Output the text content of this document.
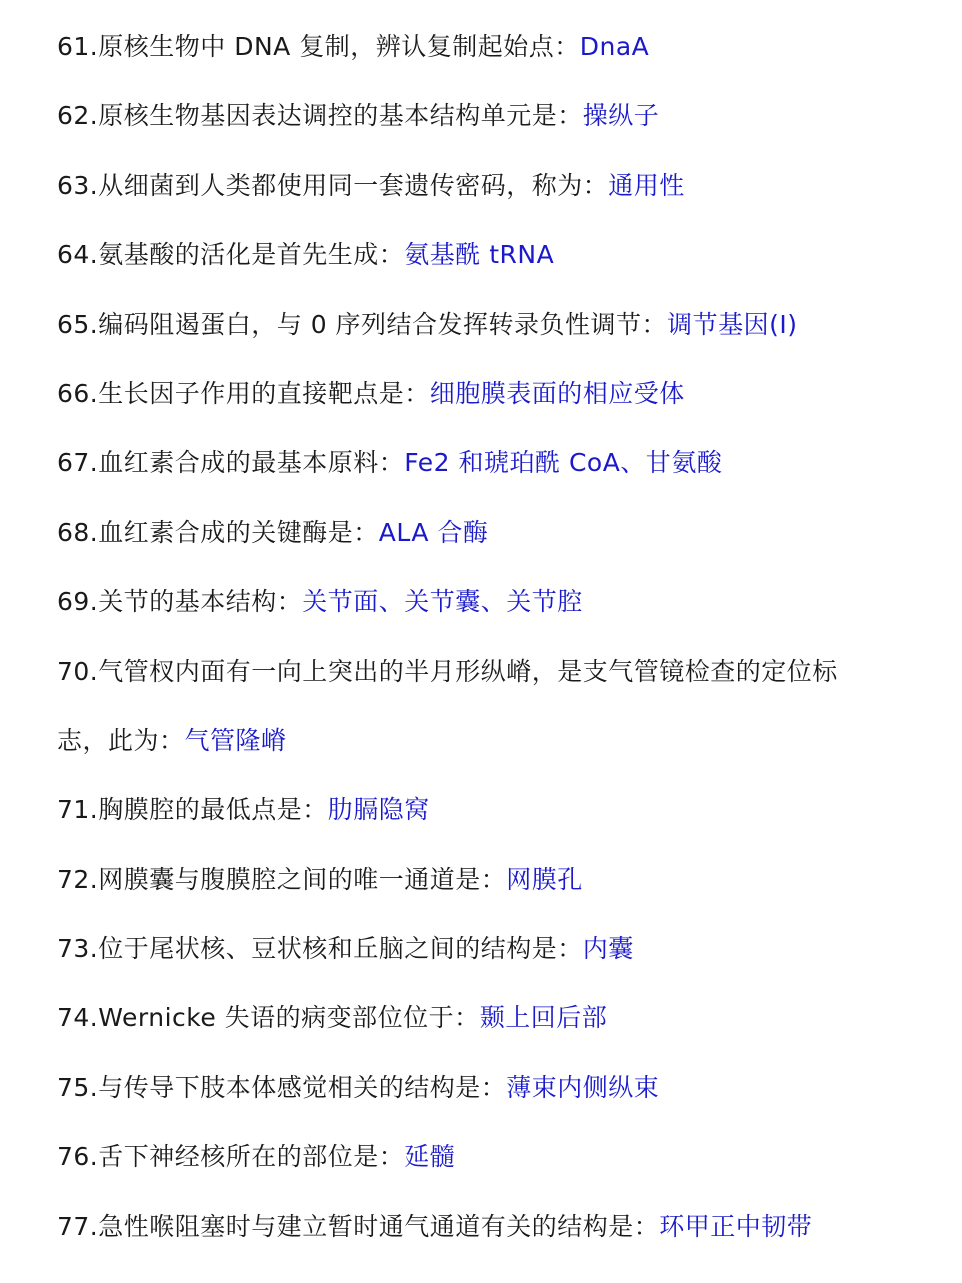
61.原核生物中 DNA 复制，辨认复制起始点：DnaA
62.原核生物基因表达调控的基本结构单元是：操纵子
63.从细菌到人类都使用同一套遗传密码，称为：通用性
64.氨基酸的活化是首先生成：氨基酰 tRNA
65.编码阻遏蛋白，与 0 序列结合发挥转录负性调节：调节基因(I)
66.生长因子作用的直接靶点是：细胞膜表面的相应受体
67.血红素合成的最基本原料：Fe2 和琥珀酰 CoA、甘氨酸
68.血红素合成的关键酶是：ALA 合酶
69.关节的基本结构：关节面、关节囊、关节腔
70.气管杈内面有一向上突出的半月形纵嵴，是支气管镜检查的定位标
志，此为：气管隆嵴
71.胸膜腔的最低点是：肋膈隐窝
72.网膜囊与腹膜腔之间的唯一通道是：网膜孔
73.位于尾状核、豆状核和丘脑之间的结构是：内囊
74.Wernicke 失语的病变部位位于：颞上回后部
75.与传导下肢本体感觉相关的结构是：薄束内侧纵束
76.舌下神经核所在的部位是：延髓
77.急性喉阻塞时与建立暂时通气通道有关的结构是：环甲正中韧带
